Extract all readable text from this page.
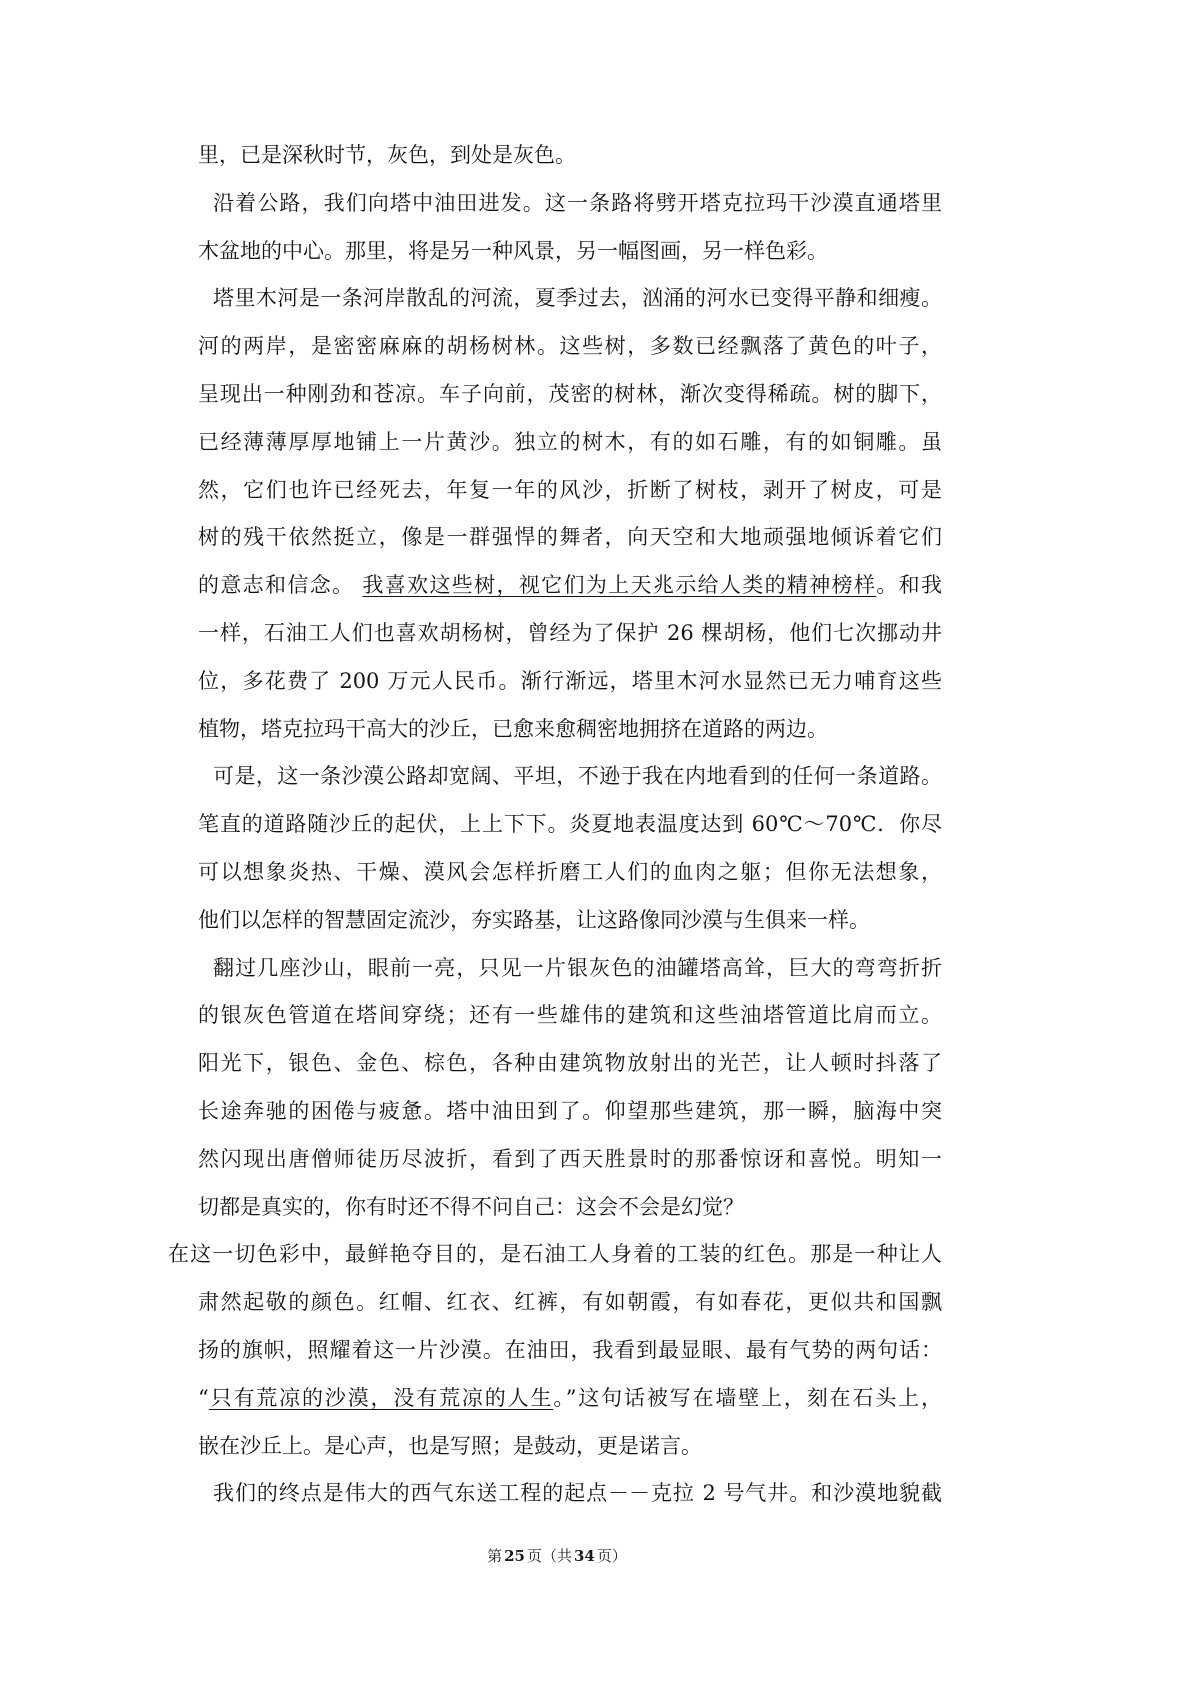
里，已是深秋时节，灰色，到处是灰色。
沿着公路，我们向塔中油田进发。这一条路将劈开塔克拉玛干沙漠直通塔里
木盆地的中心。那里，将是另一种风景，另一幅图画，另一样色彩。
塔里木河是一条河岸散乱的河流，夏季过去，汹涌的河水已变得平静和细瘦。
河的两岸，是密密麻麻的胡杨树林。这些树，多数已经飘落了黄色的叶子，
呈现出一种刚劲和苍凉。车子向前，茂密的树林，渐次变得稀疏。树的脚下，
已经薄薄厚厚地铺上一片黄沙。独立的树木，有的如石雕，有的如铜雕。虽
然，它们也许已经死去，年复一年的风沙，折断了树枝，剥开了树皮，可是
树的残干依然挺立，像是一群强悍的舞者，向天空和大地顽强地倾诉着它们
的意志和信念。 我喜欢这些树，视它们为上天兆示给人类的精神榜样。和我
一样，石油工人们也喜欢胡杨树，曾经为了保护 26 棵胡杨，他们七次挪动井
位，多花费了 200 万元人民币。渐行渐远，塔里木河水显然已无力哺育这些
植物，塔克拉玛干高大的沙丘，已愈来愈稠密地拥挤在道路的两边。
可是，这一条沙漠公路却宽阔、平坦，不逊于我在内地看到的任何一条道路。
笔直的道路随沙丘的起伏，上上下下。炎夏地表温度达到 60℃～70℃．你尽
可以想象炎热、干燥、漠风会怎样折磨工人们的血肉之躯；但你无法想象，
他们以怎样的智慧固定流沙，夯实路基，让这路像同沙漠与生俱来一样。
翻过几座沙山，眼前一亮，只见一片银灰色的油罐塔高耸，巨大的弯弯折折
的银灰色管道在塔间穿绕；还有一些雄伟的建筑和这些油塔管道比肩而立。
阳光下，银色、金色、棕色，各种由建筑物放射出的光芒，让人顿时抖落了
长途奔驰的困倦与疲惫。塔中油田到了。仰望那些建筑，那一瞬，脑海中突
然闪现出唐僧师徒历尽波折，看到了西天胜景时的那番惊讶和喜悦。明知一
切都是真实的，你有时还不得不问自己：这会不会是幻觉？
在这一切色彩中，最鲜艳夺目的，是石油工人身着的工装的红色。那是一种让人
肃然起敬的颜色。红帽、红衣、红裤，有如朝霞，有如春花，更似共和国飘
扬的旗帜，照耀着这一片沙漠。在油田，我看到最显眼、最有气势的两句话：
“只有荒凉的沙漠，没有荒凉的人生。”这句话被写在墙壁上，刻在石头上，
嵌在沙丘上。是心声，也是写照；是鼓动，更是诺言。
我们的终点是伟大的西气东送工程的起点－－克拉 2 号气井。和沙漠地貌截
第 25 页（共 34 页）
